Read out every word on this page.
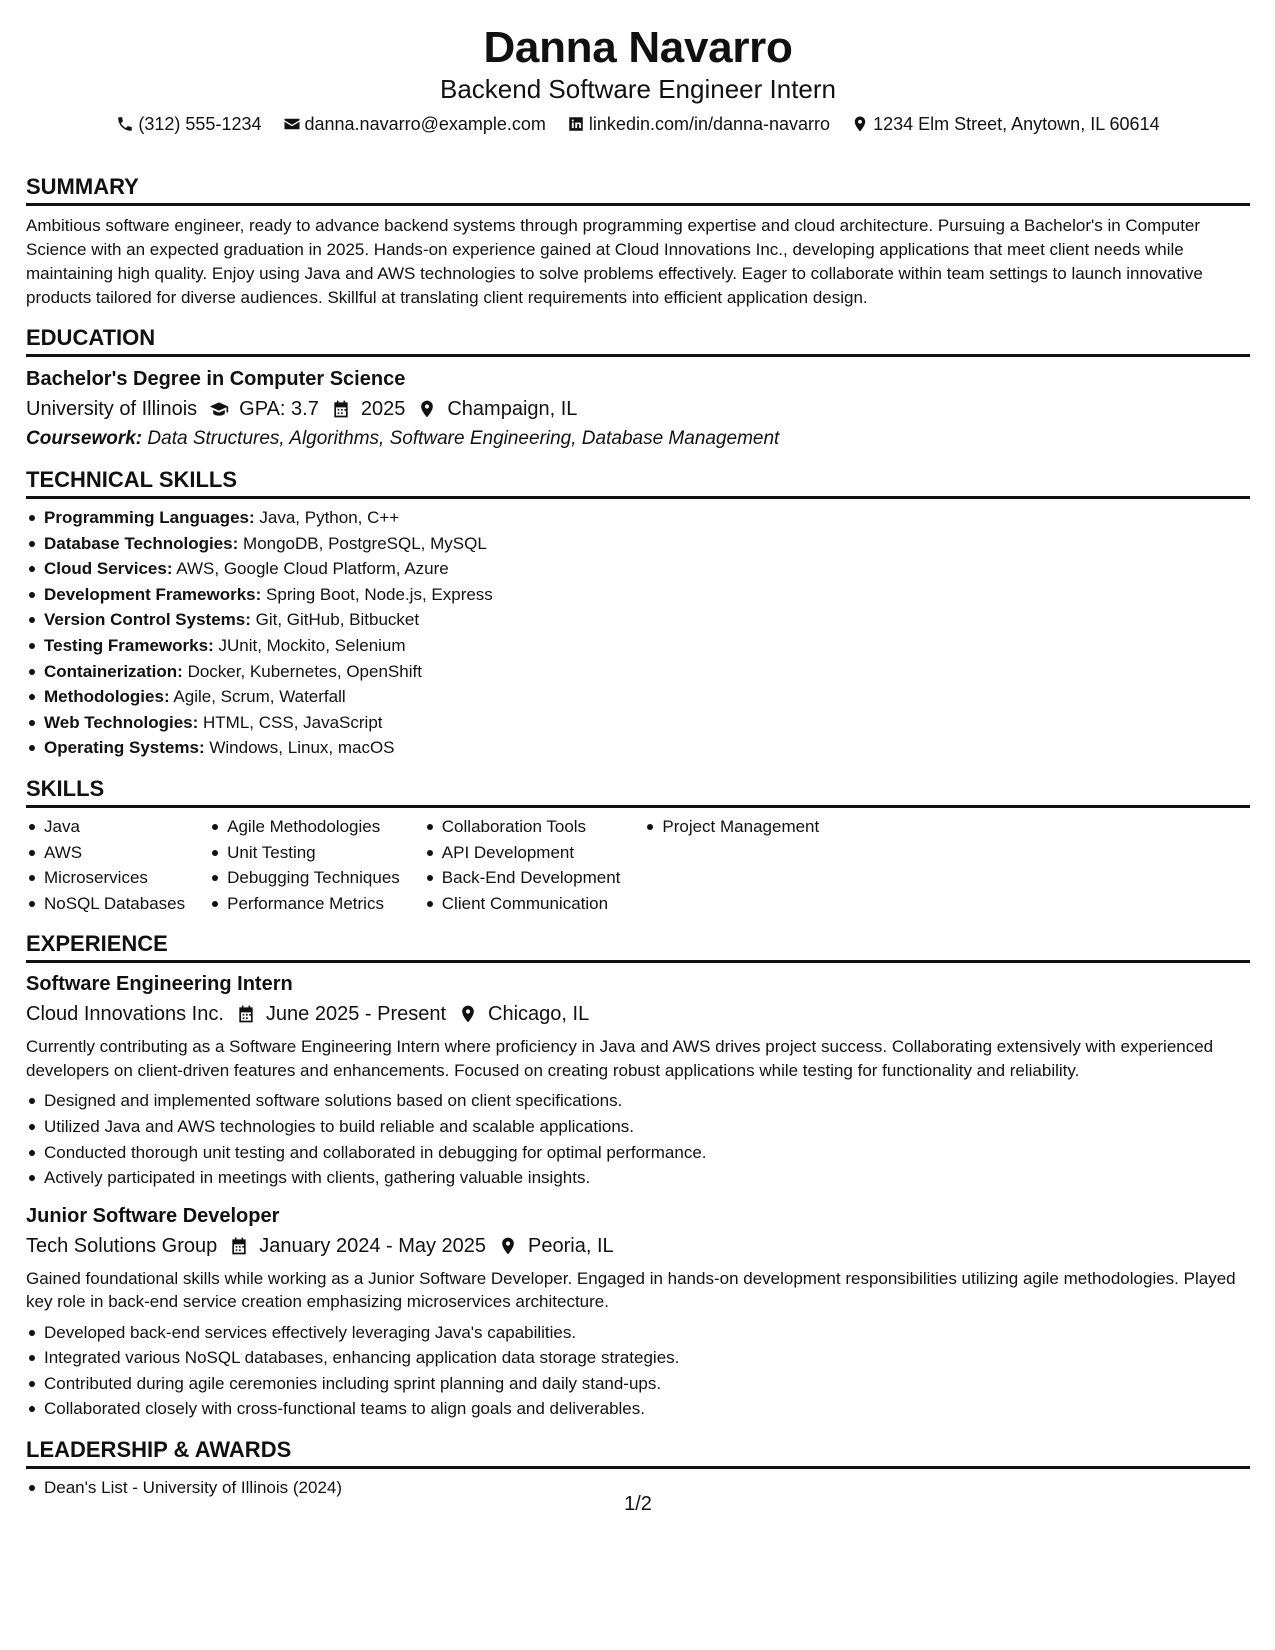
Danna Navarro
Backend Software Engineer Intern
(312) 555-1234
danna.navarro@example.com
linkedin.com/in/danna-navarro
1234 Elm Street, Anytown, IL 60614
SUMMARY
Ambitious software engineer, ready to advance backend systems through programming expertise and cloud architecture. Pursuing a Bachelor's in Computer Science with an expected graduation in 2025. Hands-on experience gained at Cloud Innovations Inc., developing applications that meet client needs while maintaining high quality. Enjoy using Java and AWS technologies to solve problems effectively. Eager to collaborate within team settings to launch innovative products tailored for diverse audiences. Skillful at translating client requirements into efficient application design.
EDUCATION
Bachelor's Degree in Computer Science
University of Illinois GPA: 3.7 2025 Champaign, IL
Coursework: Data Structures, Algorithms, Software Engineering, Database Management
TECHNICAL SKILLS
Programming Languages: Java, Python, C++
Database Technologies: MongoDB, PostgreSQL, MySQL
Cloud Services: AWS, Google Cloud Platform, Azure
Development Frameworks: Spring Boot, Node.js, Express
Version Control Systems: Git, GitHub, Bitbucket
Testing Frameworks: JUnit, Mockito, Selenium
Containerization: Docker, Kubernetes, OpenShift
Methodologies: Agile, Scrum, Waterfall
Web Technologies: HTML, CSS, JavaScript
Operating Systems: Windows, Linux, macOS
SKILLS
Java
AWS
Microservices
NoSQL Databases
Agile Methodologies
Unit Testing
Debugging Techniques
Performance Metrics
Collaboration Tools
API Development
Back-End Development
Client Communication
Project Management
EXPERIENCE
Software Engineering Intern
Cloud Innovations Inc. June 2025 - Present Chicago, IL
Currently contributing as a Software Engineering Intern where proficiency in Java and AWS drives project success. Collaborating extensively with experienced developers on client-driven features and enhancements. Focused on creating robust applications while testing for functionality and reliability.
Designed and implemented software solutions based on client specifications.
Utilized Java and AWS technologies to build reliable and scalable applications.
Conducted thorough unit testing and collaborated in debugging for optimal performance.
Actively participated in meetings with clients, gathering valuable insights.
Junior Software Developer
Tech Solutions Group January 2024 - May 2025 Peoria, IL
Gained foundational skills while working as a Junior Software Developer. Engaged in hands-on development responsibilities utilizing agile methodologies. Played key role in back-end service creation emphasizing microservices architecture.
Developed back-end services effectively leveraging Java's capabilities.
Integrated various NoSQL databases, enhancing application data storage strategies.
Contributed during agile ceremonies including sprint planning and daily stand-ups.
Collaborated closely with cross-functional teams to align goals and deliverables.
LEADERSHIP & AWARDS
Dean's List - University of Illinois (2024)
1/2
